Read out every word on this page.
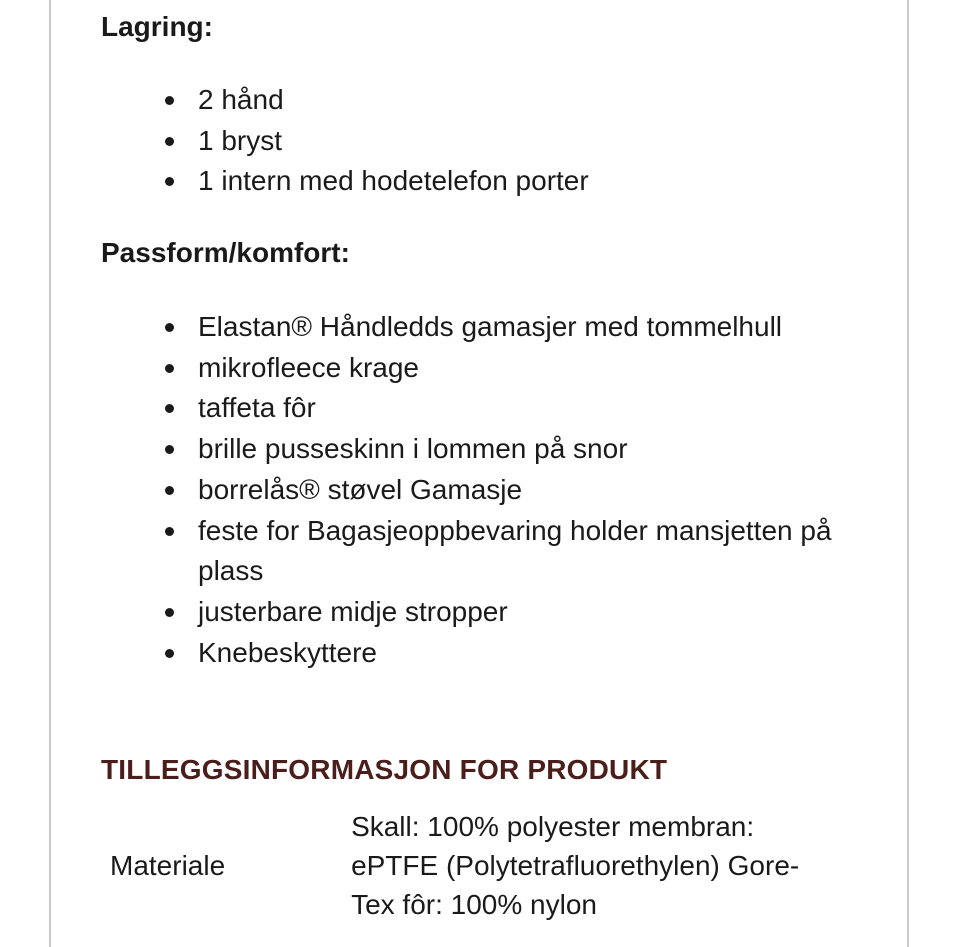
Lagring:
2 hånd
1 bryst
1 intern med hodetelefon porter
Passform/komfort:
Elastan® Håndledds gamasjer med tommelhull
mikrofleece krage
taffeta fôr
brille pusseskinn i lommen på snor
borrelås® støvel Gamasje
feste for Bagasjeoppbevaring holder mansjetten på plass
justerbare midje stropper
Knebeskyttere
TILLEGGSINFORMASJON FOR PRODUKT
Materiale	Skall: 100% polyester membran: ePTFE (Polytetrafluorethylen) Gore-Tex fôr: 100% nylon
